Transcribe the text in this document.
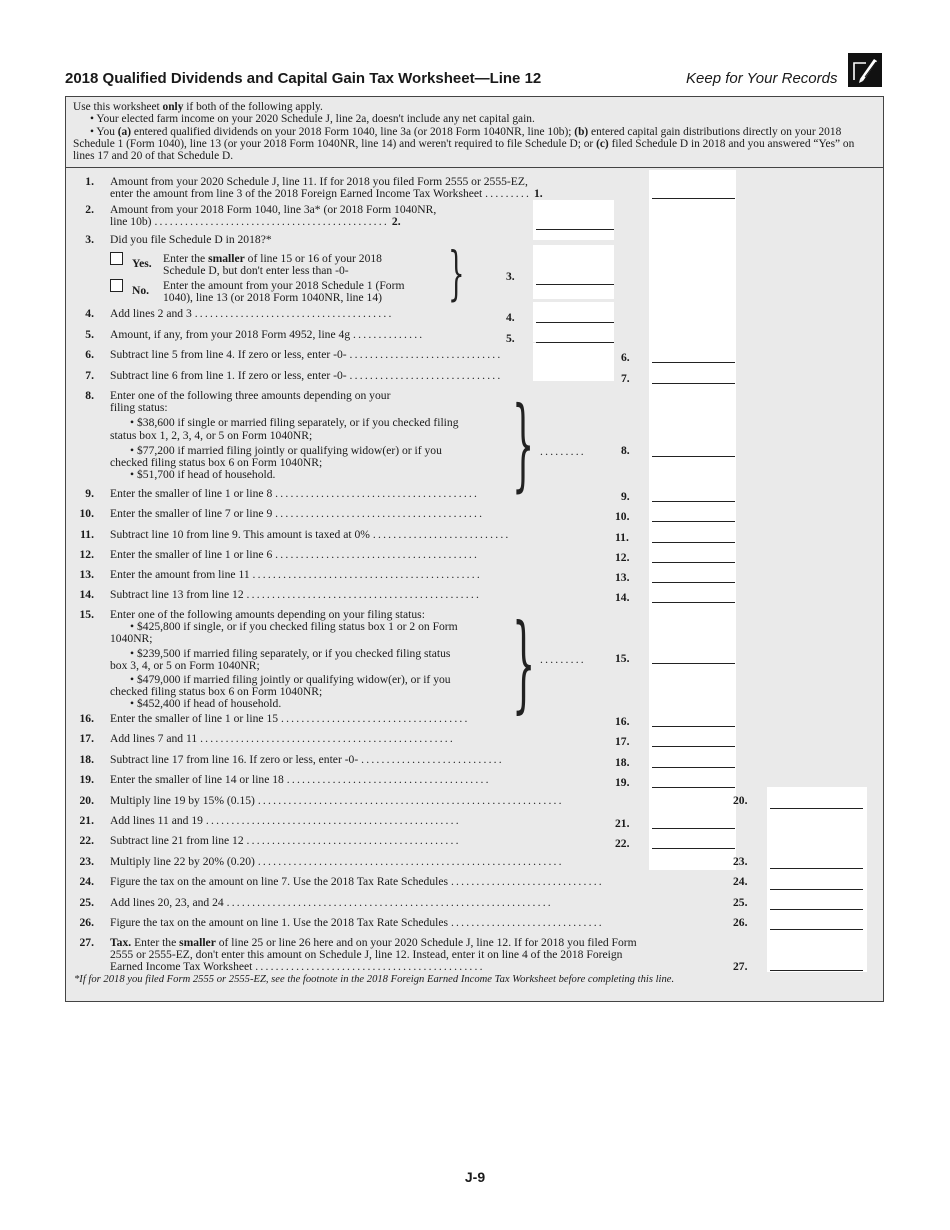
2018 Qualified Dividends and Capital Gain Tax Worksheet—Line 12	Keep for Your Records
Use this worksheet only if both of the following apply.
• Your elected farm income on your 2020 Schedule J, line 2a, doesn't include any net capital gain.
• You (a) entered qualified dividends on your 2018 Form 1040, line 3a (or 2018 Form 1040NR, line 10b); (b) entered capital gain distributions directly on your 2018 Schedule 1 (Form 1040), line 13 (or your 2018 Form 1040NR, line 14) and weren't required to file Schedule D; or (c) filed Schedule D in 2018 and you answered “Yes” on lines 17 and 20 of that Schedule D.
1. Amount from your 2020 Schedule J, line 11. If for 2018 you filed Form 2555 or 2555-EZ,
enter the amount from line 3 of the 2018 Foreign Earned Income Tax Worksheet ......... 1.
2. Amount from your 2018 Form 1040, line 3a* (or 2018 Form 1040NR,
line 10b) .............................................. 2.
3. Did you file Schedule D in 2018?*
Yes. Enter the smaller of line 15 or 16 of your 2018
Schedule D, but don't enter less than -0-
No. Enter the amount from your 2018 Schedule 1 (Form
1040), line 13 (or 2018 Form 1040NR, line 14)	}	3.
4. Add lines 2 and 3 .......................................	4.
5. Amount, if any, from your 2018 Form 4952, line 4g ..............	5.
6. Subtract line 5 from line 4. If zero or less, enter -0- ..............................	6.
7. Subtract line 6 from line 1. If zero or less, enter -0- ..............................	7.
8. Enter one of the following three amounts depending on your
filing status:
• $38,600 if single or married filing separately, or if you checked filing
status box 1, 2, 3, 4, or 5 on Form 1040NR;
• $77,200 if married filing jointly or qualifying widow(er) or if you
checked filing status box 6 on Form 1040NR;
• $51,700 if head of household.
.........	8.
}
9. Enter the smaller of line 1 or line 8 ........................................	9.
10. Enter the smaller of line 7 or line 9 .........................................	10.
11. Subtract line 10 from line 9. This amount is taxed at 0% ...........................	11.
12. Enter the smaller of line 1 or line 6 ........................................	12.
13. Enter the amount from line 11 .............................................	13.
14. Subtract line 13 from line 12 ..............................................	14.
15. Enter one of the following amounts depending on your filing status:
• $425,800 if single, or if you checked filing status box 1 or 2 on Form
1040NR;
• $239,500 if married filing separately, or if you checked filing status
box 3, 4, or 5 on Form 1040NR;
• $479,000 if married filing jointly or qualifying widow(er), or if you
checked filing status box 6 on Form 1040NR;
• $452,400 if head of household.
.........	15.
}
16. Enter the smaller of line 1 or line 15 .....................................	16.
17. Add lines 7 and 11 ..................................................	17.
18. Subtract line 17 from line 16. If zero or less, enter -0- ............................	18.
19. Enter the smaller of line 14 or line 18 ........................................	19.
20. Multiply line 19 by 15% (0.15) ............................................................	20.
21. Add lines 11 and 19 ..................................................	21.
22. Subtract line 21 from line 12 ..........................................	22.
23. Multiply line 22 by 20% (0.20) ............................................................	23.
24. Figure the tax on the amount on line 7. Use the 2018 Tax Rate Schedules ..............................	24.
25. Add lines 20, 23, and 24 ................................................................	25.
26. Figure the tax on the amount on line 1. Use the 2018 Tax Rate Schedules ..............................	26.
27. Tax. Enter the smaller of line 25 or line 26 here and on your 2020 Schedule J, line 12. If for 2018 you filed Form
2555 or 2555-EZ, don't enter this amount on Schedule J, line 12. Instead, enter it on line 4 of the 2018 Foreign
Earned Income Tax Worksheet .............................................	27.
*If for 2018 you filed Form 2555 or 2555-EZ, see the footnote in the 2018 Foreign Earned Income Tax Worksheet before completing this line.
J-9
